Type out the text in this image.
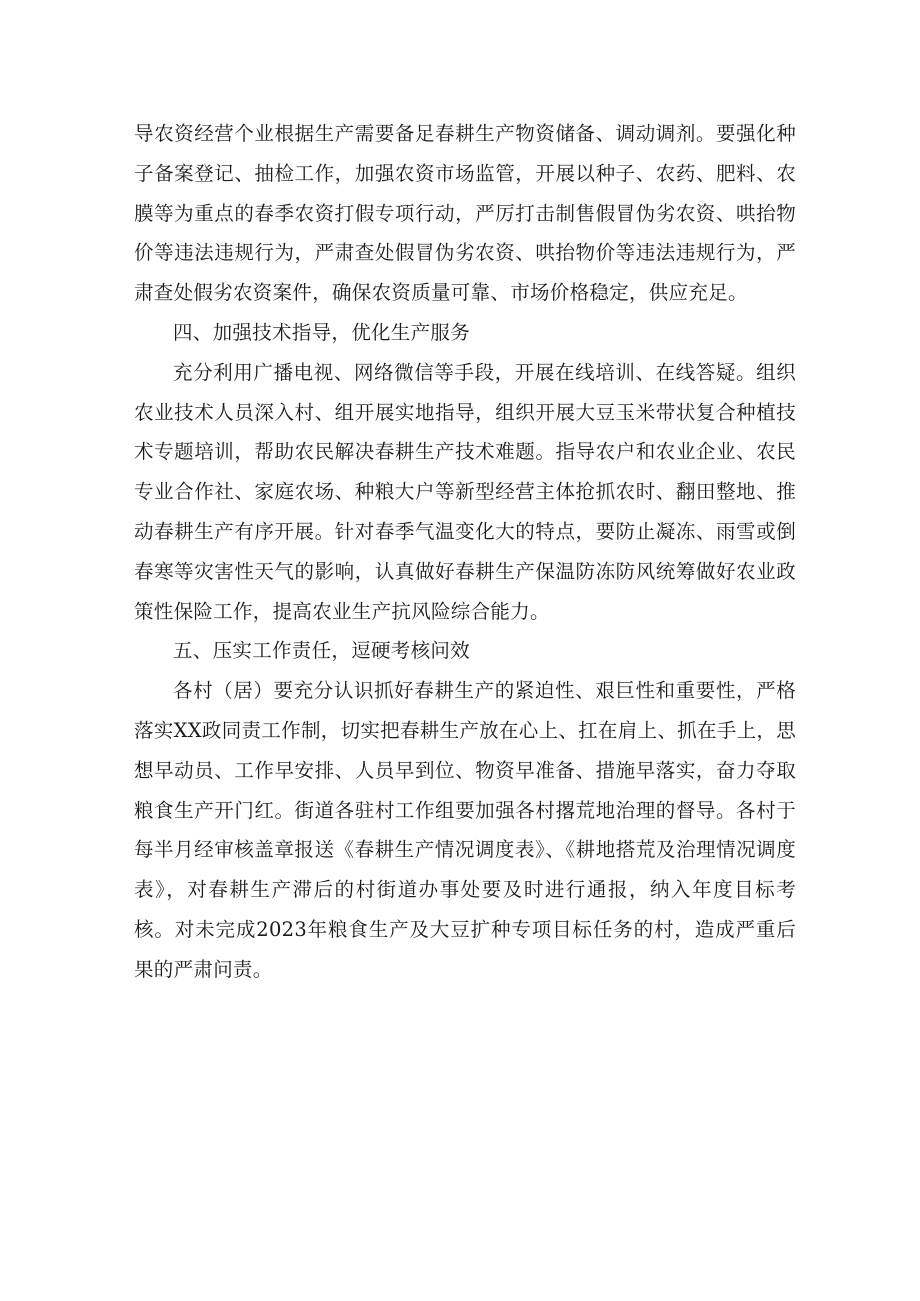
导农资经营个业根据生产需要备足春耕生产物资储备、调动调剂。要强化种子备案登记、抽检工作，加强农资市场监管，开展以种子、农药、肥料、农膜等为重点的春季农资打假专项行动，严厉打击制售假冒伪劣农资、哄抬物价等违法违规行为，严肃查处假冒伪劣农资、哄抬物价等违法违规行为，严肃查处假劣农资案件，确保农资质量可靠、市场价格稳定，供应充足。

四、加强技术指导，优化生产服务

充分利用广播电视、网络微信等手段，开展在线培训、在线答疑。组织农业技术人员深入村、组开展实地指导，组织开展大豆玉米带状复合种植技术专题培训，帮助农民解决春耕生产技术难题。指导农户和农业企业、农民专业合作社、家庭农场、种粮大户等新型经营主体抢抓农时、翻田整地、推动春耕生产有序开展。针对春季气温变化大的特点，要防止凝冻、雨雪或倒春寒等灾害性天气的影响，认真做好春耕生产保温防冻防风统筹做好农业政策性保险工作，提高农业生产抗风险综合能力。

五、压实工作责任，逗硬考核问效

各村（居）要充分认识抓好春耕生产的紧迫性、艰巨性和重要性，严格落实XX政同责工作制，切实把春耕生产放在心上、扛在肩上、抓在手上，思想早动员、工作早安排、人员早到位、物资早准备、措施早落实，奋力夺取粮食生产开门红。街道各驻村工作组要加强各村撂荒地治理的督导。各村于每半月经审核盖章报送《春耕生产情况调度表》、《耕地搭荒及治理情况调度表》，对春耕生产滞后的村街道办事处要及时进行通报，纳入年度目标考核。对未完成2023年粮食生产及大豆扩种专项目标任务的村，造成严重后果的严肃问责。
